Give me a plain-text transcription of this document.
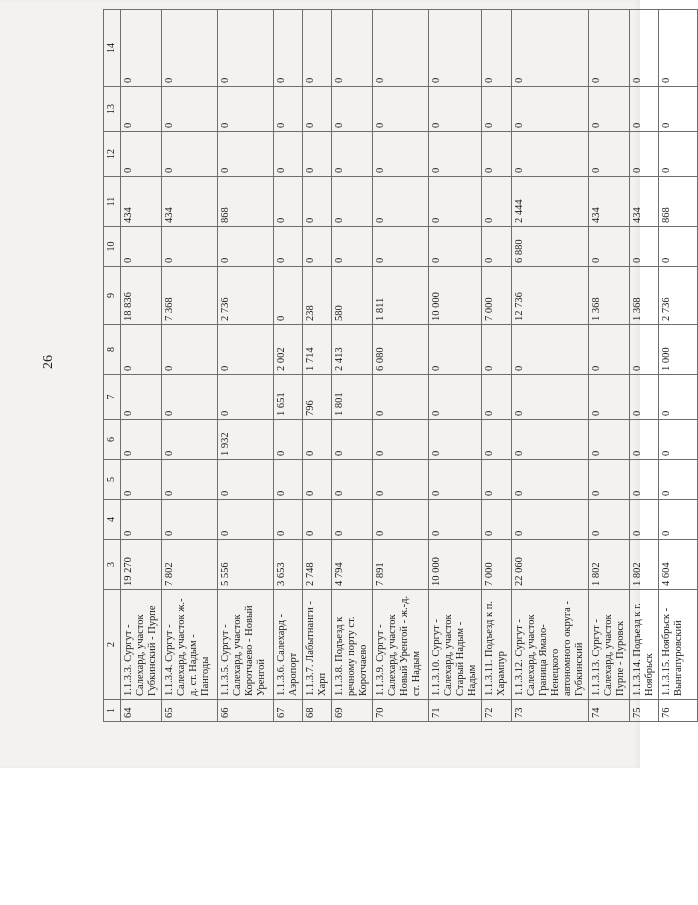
26
1	2	3	4	5	6	7	8	9	10	11	12	13	14
64	1.1.3.3. Сургут - Салехард, участок Губкинский - Пурпе	19 270	0	0	0	0	0	18 836	0	434	0	0	0
65	1.1.3.4. Сургут - Салехард, участок ж.-д. ст. Надым - Пангоды	7 802	0	0	0	0	0	7 368	0	434	0	0	0
66	1.1.3.5. Сургут - Салехард, участок Коротчаево - Новый Уренгой	5 556	0	0	1 932	0	0	2 736	0	868	0	0	0
67	1.1.3.6. Салехард - Аэропорт	3 653	0	0	0	1 651	2 002	0	0	0	0	0	0
68	1.1.3.7. Лабытнанги - Харп	2 748	0	0	0	796	1 714	238	0	0	0	0	0
69	1.1.3.8. Подъезд к речному порту ст. Коротчаево	4 794	0	0	0	1 801	2 413	580	0	0	0	0	0
70	1.1.3.9. Сургут - Салехард, участок Новый Уренгой - ж.-д. ст. Надым	7 891	0	0	0	0	6 080	1 811	0	0	0	0	0
71	1.1.3.10. Сургут - Салехард, участок Старый Надым - Надым	10 000	0	0	0	0	0	10 000	0	0	0	0	0
72	1.1.3.11. Подъезд к п. Харампур	7 000	0	0	0	0	0	7 000	0	0	0	0	0
73	1.1.3.12. Сургут - Салехард, участок Граница Ямало-Ненецкого автономного округа - Губкинский	22 060	0	0	0	0	0	12 736	6 880	2 444	0	0	0
74	1.1.3.13. Сургут - Салехард, участок Пурпе - Пуровск	1 802	0	0	0	0	0	1 368	0	434	0	0	0
75	1.1.3.14. Подъезд к г. Ноябрьск	1 802	0	0	0	0	0	1 368	0	434	0	0	0
76	1.1.3.15. Ноябрьск - Вынгапуровский	4 604	0	0	0	0	1 000	2 736	0	868	0	0	0
